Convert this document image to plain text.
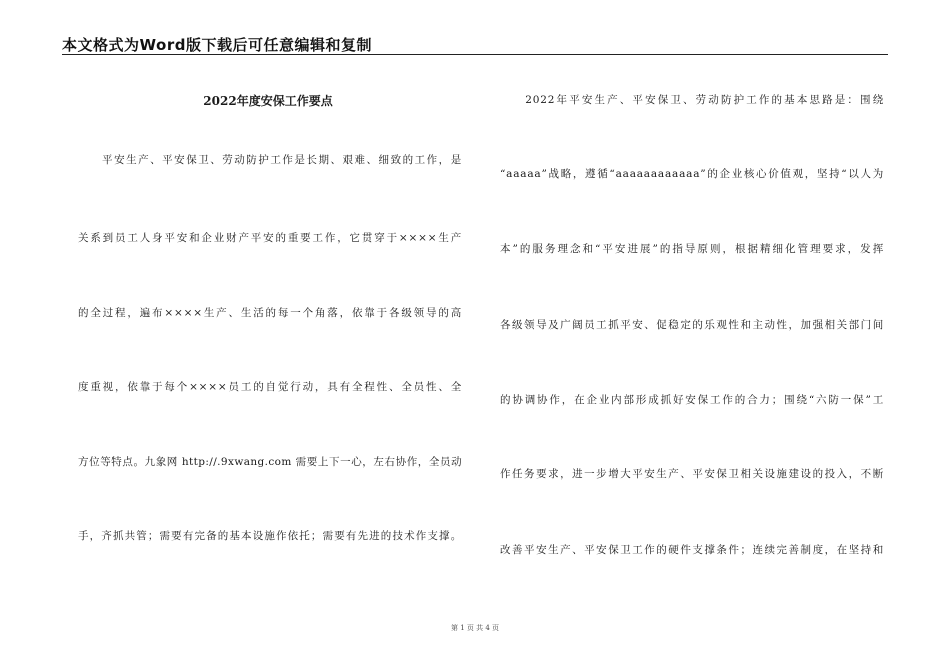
本文格式为Word版下载后可任意编辑和复制
2022年度安保工作要点
　　平安生产、平安保卫、劳动防护工作是长期、艰难、细致的工作，是
关系到员工人身平安和企业财产平安的重要工作，它贯穿于××××生产
的全过程，遍布××××生产、生活的每一个角落，依靠于各级领导的高
度重视，依靠于每个××××员工的自觉行动，具有全程性、全员性、全
方位等特点。九象网 http://.9xwang.com 需要上下一心，左右协作，全员动
手，齐抓共管；需要有完备的基本设施作依托；需要有先进的技术作支撑。
　　2022年平安生产、平安保卫、劳动防护工作的基本思路是：围绕
“aaaaa”战略，遵循“aaaaaaaaaaaa”的企业核心价值观，坚持“以人为
本”的服务理念和“平安进展”的指导原则，根据精细化管理要求，发挥
各级领导及广阔员工抓平安、促稳定的乐观性和主动性，加强相关部门间
的协调协作，在企业内部形成抓好安保工作的合力；围绕“六防一保”工
作任务要求，进一步增大平安生产、平安保卫相关设施建设的投入，不断
改善平安生产、平安保卫工作的硬件支撑条件；连续完善制度，在坚持和
第 1 页 共 4 页
